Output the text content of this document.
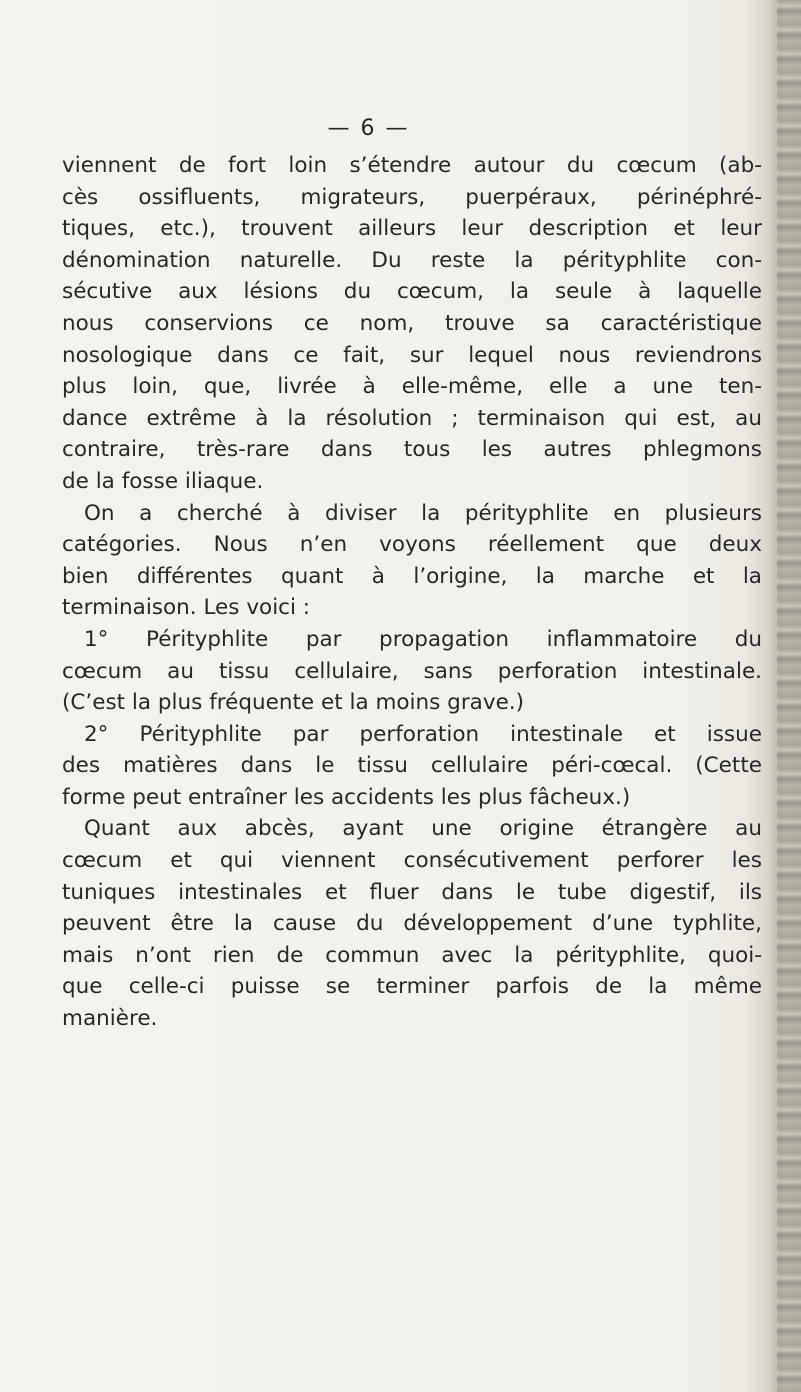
— 6 —
viennent de fort loin s’étendre autour du cœcum (ab-
cès ossifluents, migrateurs, puerpéraux, périnéphré-
tiques, etc.), trouvent ailleurs leur description et leur
dénomination naturelle. Du reste la pérityphlite con-
sécutive aux lésions du cœcum, la seule à laquelle
nous conservions ce nom, trouve sa caractéristique
nosologique dans ce fait, sur lequel nous reviendrons
plus loin, que, livrée à elle-même, elle a une ten-
dance extrême à la résolution ; terminaison qui est, au
contraire, très-rare dans tous les autres phlegmons
de la fosse iliaque.
On a cherché à diviser la pérityphlite en plusieurs
catégories. Nous n’en voyons réellement que deux
bien différentes quant à l’origine, la marche et la
terminaison. Les voici :
1° Pérityphlite par propagation inflammatoire du
cœcum au tissu cellulaire, sans perforation intestinale.
(C’est la plus fréquente et la moins grave.)
2° Pérityphlite par perforation intestinale et issue
des matières dans le tissu cellulaire péri-cœcal. (Cette
forme peut entraîner les accidents les plus fâcheux.)
Quant aux abcès, ayant une origine étrangère au
cœcum et qui viennent consécutivement perforer les
tuniques intestinales et fluer dans le tube digestif, ils
peuvent être la cause du développement d’une typhlite,
mais n’ont rien de commun avec la pérityphlite, quoi-
que celle-ci puisse se terminer parfois de la même
manière.
